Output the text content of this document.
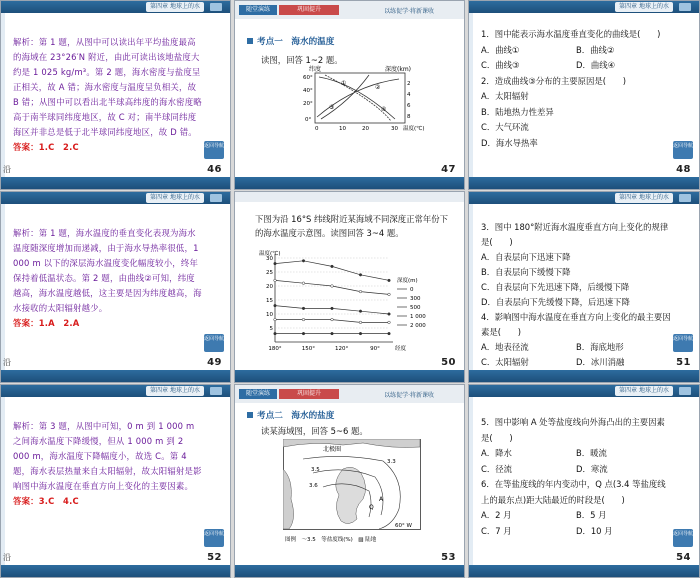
第四章 地球上的水
解析：第 1 题，从图中可以读出年平均盐度最高的海域在 23°26′N 附近，由此可读出该地盐度大约是 1 025 kg/m³。第 2 题，海水密度与盐度呈正相关，故 A 错；海水密度与温度呈负相关，故 B 错；从图中可以看出北半球高纬度的海水密度略高于南半球同纬度地区，故 C 对；南半球同纬度海区并非总是低于北半球同纬度地区，故 D 错。
答案：1.C　2.C	返回导航
沿	46
随堂演练	巩固提升	以练促学·将新课收
考点一　海水的温度
读图，回答 1~2 题。
纬度	深度(km)
60°
40°
20°
0°
2
4
6
8
0	10	20	30 温度(℃)
①
②
③	④
47
第四章 地球上的水
1．图中能表示海水温度垂直变化的曲线是(　　)
A．曲线①	B．曲线②
C．曲线③	D．曲线④
2．造成曲线③分布的主要原因是(　　)
A．太阳辐射
B．陆地热力性差异
C．大气环流
D．海水导热率	返回导航
48
第四章 地球上的水
解析：第 1 题，海水温度的垂直变化表现为海水温度随深度增加而递减，由于海水导热率很低，1 000 m 以下的深层海水温度变化幅度较小，终年保持着低温状态。第 2 题，由曲线②可知，纬度越高，海水温度越低，这主要是因为纬度越高，海水接收的太阳辐射越少。
答案：1.A　2.A
返回导航
沿	49
下图为沿 16°S 纬线附近某海域不同深度正常年份下的海水温度示意图。读图回答 3~4 题。
温度(℃)
5
10
15
20
25
30
180°	150°	120°	90°	经度
深度(m)
0
300
500
1 000
2 000
50
第四章 地球上的水
3．图中 180°附近海水温度垂直方向上变化的规律是(　　)
A．自表层向下迅速下降
B．自表层向下缓慢下降
C．自表层向下先迅速下降，后缓慢下降
D．自表层向下先缓慢下降，后迅速下降
4．影响图中海水温度在垂直方向上变化的最主要因素是(　　)
A．地表径流	B．海底地形
C．太阳辐射	D．冰川消融
返回导航
51
第四章 地球上的水
解析：第 3 题，从图中可知，0 m 到 1 000 m 之间海水温度下降缓慢，但从 1 000 m 到 2 000 m，海水温度下降幅度小，故选 C。第 4 题，海水表层热量来自太阳辐射，故太阳辐射是影响图中海水温度在垂直方向上变化的主要因素。
答案：3.C　4.C
返回导航
沿	52
随堂演练	巩固提升	以练促学·将新课收
考点二　海水的盐度
读某海域图，回答 5~6 题。
北极圈
3.3
3.5
3.6
A
Q
60° W
图例　～3.5　等盐度线(%)　▨ 陆地
53
第四章 地球上的水
5．图中影响 A 处等盐度线向外海凸出的主要因素是(　　)
A．降水	B．暖流
C．径流	D．寒流
6．在等盐度线的年内变动中，Q 点(3.4 等盐度线上的最东点)距大陆最近的时段是(　　)
A．2 月	B．5 月
C．7 月	D．10 月	返回导航
54
